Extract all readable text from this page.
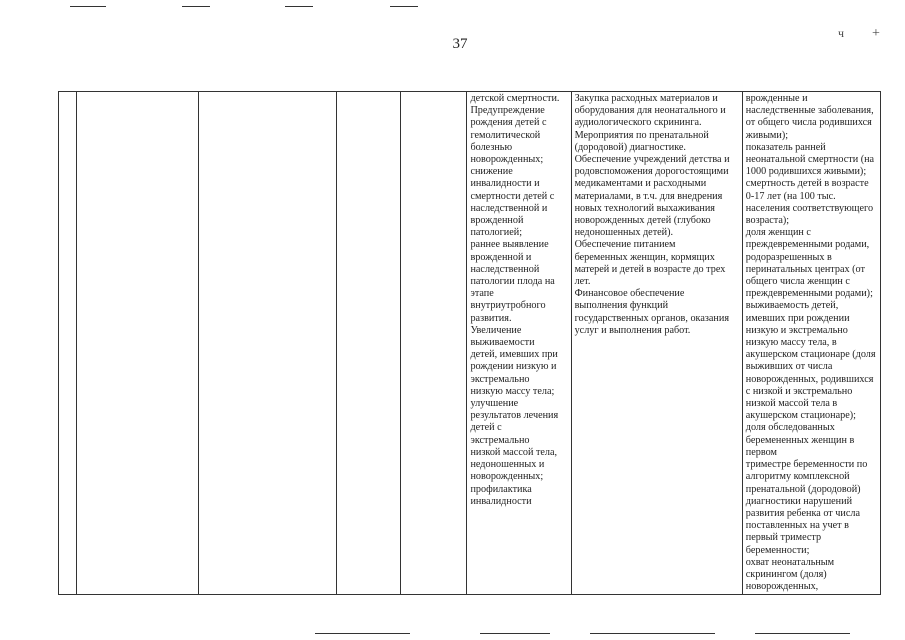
37
ч +
					детской смертности.
Предупреждение
рождения детей с
гемолитической
болезнью
новорожденных;
снижение
инвалидности и
смертности детей с
наследственной и
врожденной
патологией;
раннее выявление
врожденной и
наследственной
патологии плода на
этапе
внутриутробного
развития.
Увеличение
выживаемости
детей, имевших при
рождении низкую и
экстремально
низкую массу тела;
улучшение
результатов лечения
детей с
экстремально
низкой массой тела,
недоношенных и
новорожденных;
профилактика
инвалидности	Закупка расходных материалов и
оборудования для неонатального и
аудиологического скрининга.
Мероприятия по пренатальной
(дородовой) диагностике.
Обеспечение учреждений детства и
родовспоможения дорогостоящими
медикаментами и расходными
материалами, в т.ч. для внедрения
новых технологий выхаживания
новорожденных детей (глубоко
недоношенных детей).
Обеспечение питанием
беременных женщин, кормящих
матерей и детей в возрасте до трех
лет.
Финансовое обеспечение
выполнения функций
государственных органов, оказания
услуг и выполнения работ.	врожденные и
наследственные заболевания,
от общего числа родившихся
живыми);
показатель ранней
неонатальной смертности (на
1000 родившихся живыми);
смертность детей в возрасте
0-17 лет (на 100 тыс.
населения соответствующего
возраста);
доля женщин с
преждевременными родами,
родоразрешенных в
перинатальных центрах (от
общего числа женщин с
преждевременными родами);
выживаемость детей,
имевших при рождении
низкую и экстремально
низкую массу тела, в
акушерском стационаре (доля
выживших от числа
новорожденных, родившихся
с низкой и экстремально
низкой массой тела в
акушерском стационаре);
доля обследованных
беремененных женщин в первом
триместре беременности по
алгоритму комплексной
пренатальной (дородовой)
диагностики нарушений
развития ребенка от числа
поставленных на учет в
первый триместр
беременности;
охват неонатальным
скринингом (доля)
новорожденных,
